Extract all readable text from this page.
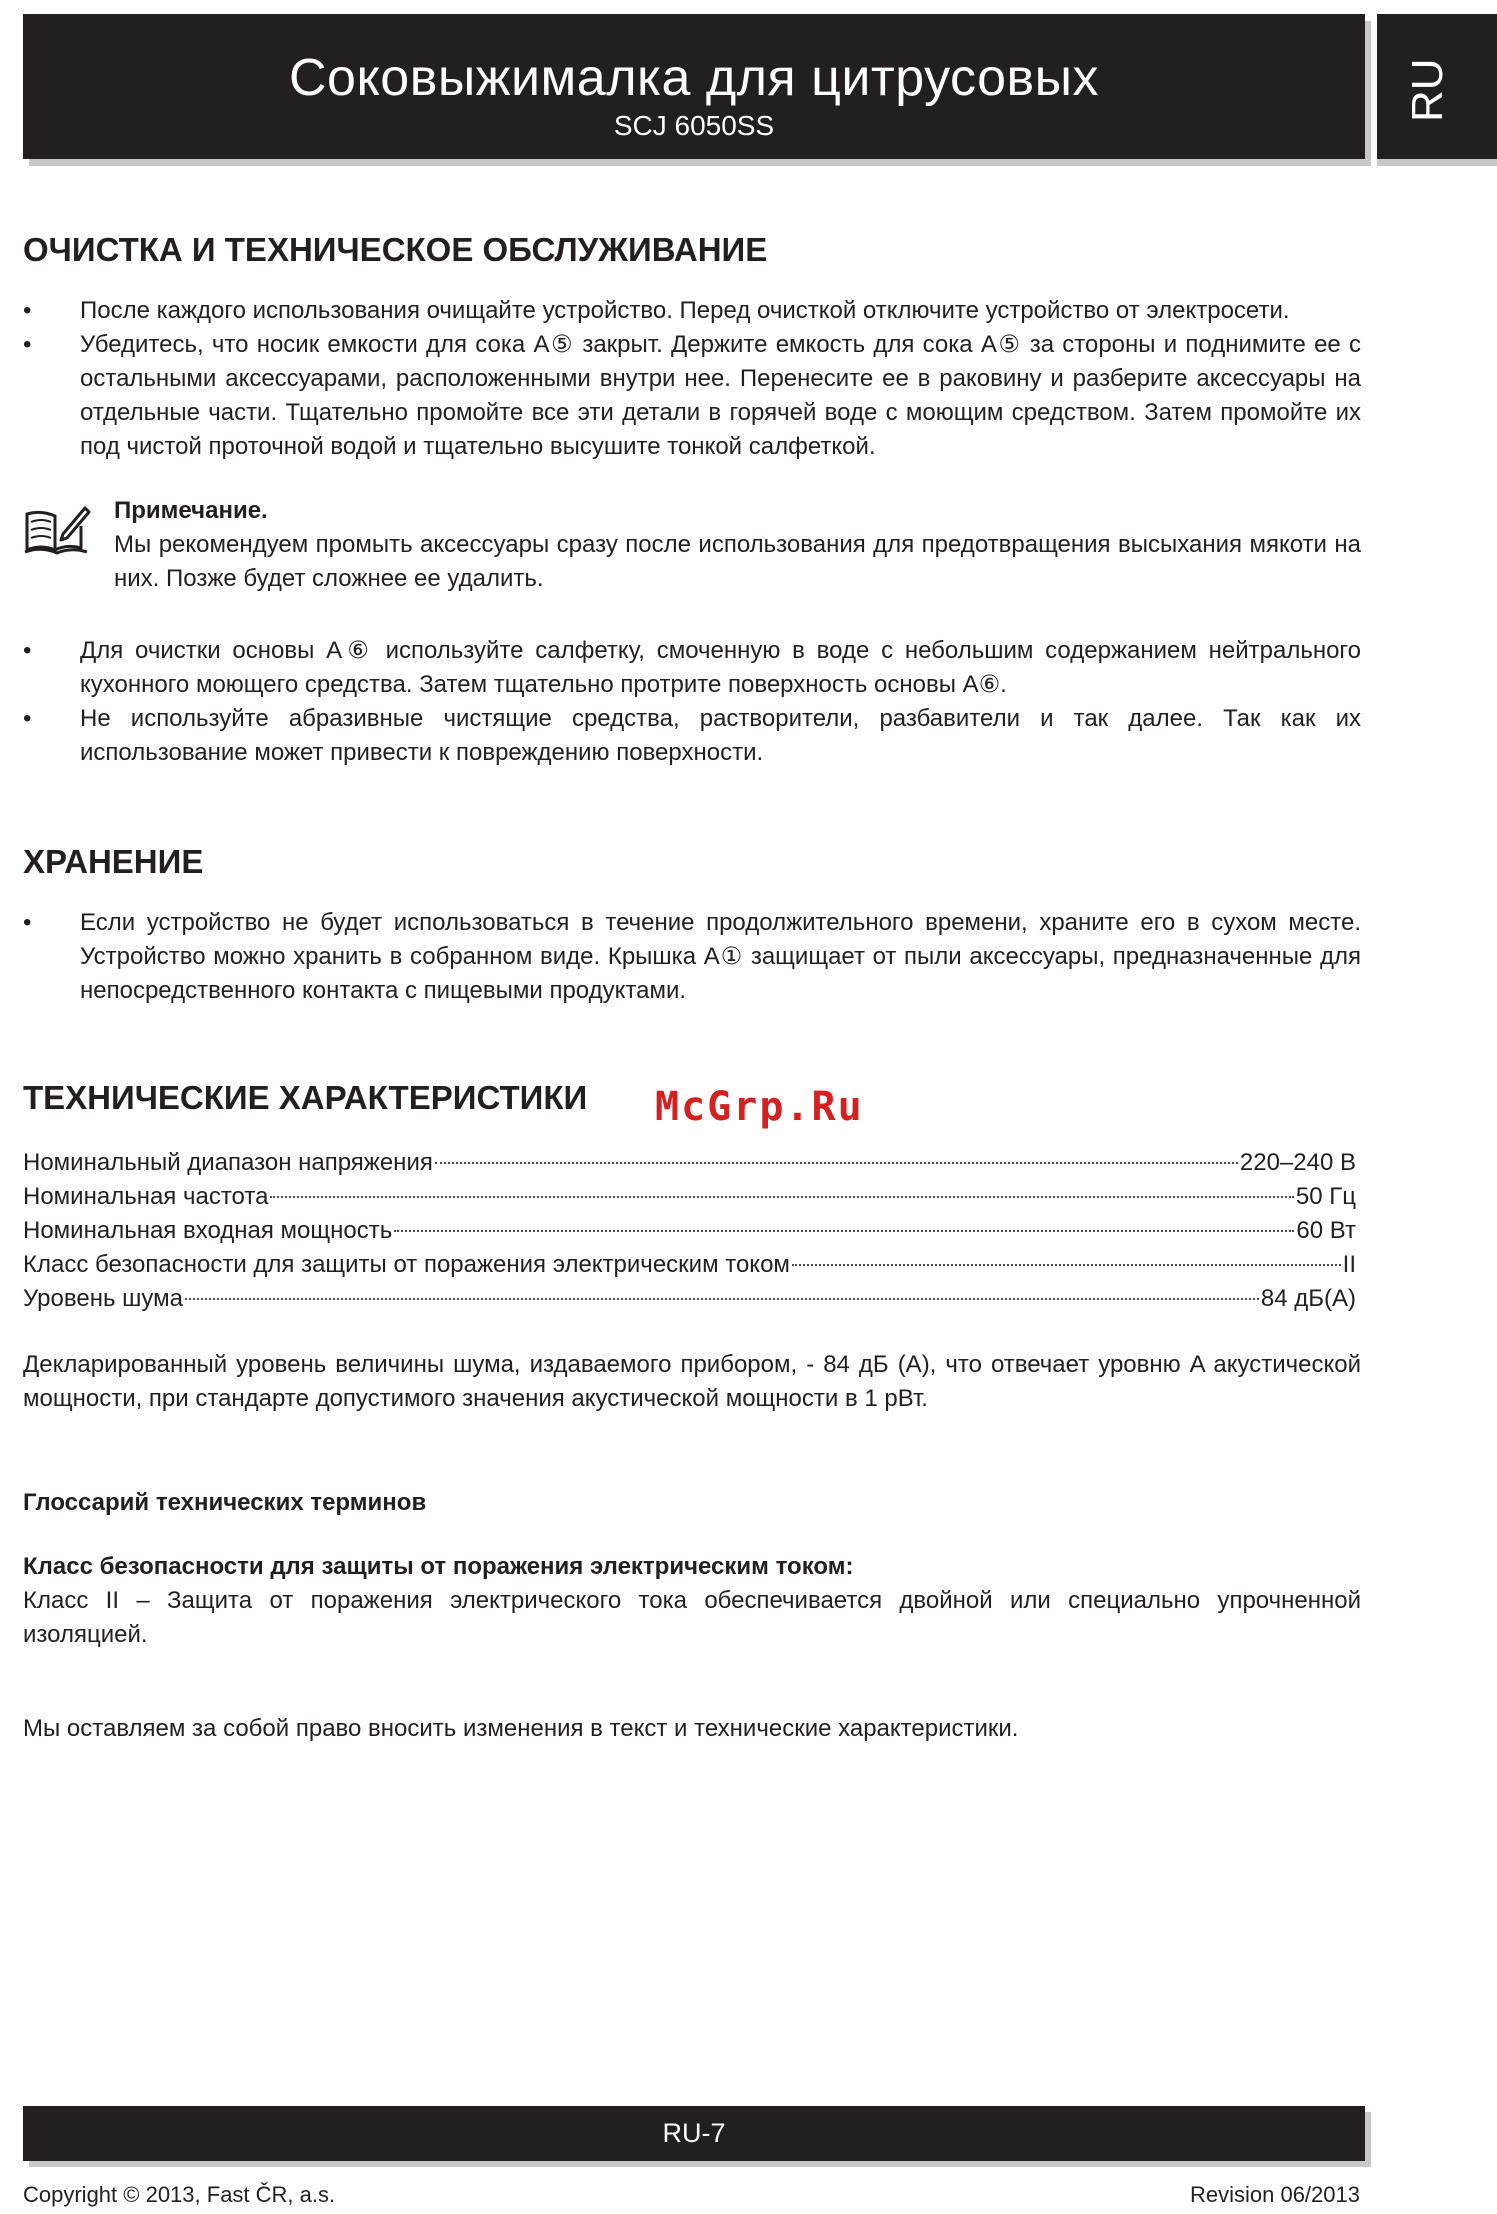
Соковыжималка для цитрусовых
SCJ 6050SS
RU
ОЧИСТКА И ТЕХНИЧЕСКОЕ ОБСЛУЖИВАНИЕ
• После каждого использования очищайте устройство. Перед очисткой отключите устройство от электросети.
• Убедитесь, что носик емкости для сока A⑤ закрыт. Держите емкость для сока A⑤ за стороны и поднимите ее с остальными аксессуарами, расположенными внутри нее. Перенесите ее в раковину и разберите аксессуары на отдельные части. Тщательно промойте все эти детали в горячей воде с моющим средством. Затем промойте их под чистой проточной водой и тщательно высушите тонкой салфеткой.
Примечание.
Мы рекомендуем промыть аксессуары сразу после использования для предотвращения высыхания мякоти на них. Позже будет сложнее ее удалить.
• Для очистки основы A⑥ используйте салфетку, смоченную в воде с небольшим содержанием нейтрального кухонного моющего средства. Затем тщательно протрите поверхность основы A⑥.
• Не используйте абразивные чистящие средства, растворители, разбавители и так далее. Так как их использование может привести к повреждению поверхности.
ХРАНЕНИЕ
• Если устройство не будет использоваться в течение продолжительного времени, храните его в сухом месте. Устройство можно хранить в собранном виде. Крышка A① защищает от пыли аксессуары, предназначенные для непосредственного контакта с пищевыми продуктами.
ТЕХНИЧЕСКИЕ ХАРАКТЕРИСТИКИ
Номинальный диапазон напряжения	220–240 В
Номинальная частота	50 Гц
Номинальная входная мощность	60 Вт
Класс безопасности для защиты от поражения электрическим током	II
Уровень шума	84 дБ(A)

Декларированный уровень величины шума, издаваемого прибором, - 84 дБ (A), что отвечает уровню A акустической мощности, при стандарте допустимого значения акустической мощности в 1 pВт.

Глоссарий технических терминов

Класс безопасности для защиты от поражения электрическим током:

Класс II – Защита от поражения электрического тока обеспечивается двойной или специально упрочненной изоляцией.

Мы оставляем за собой право вносить изменения в текст и технические характеристики.

McGrp.Ru
RU-7
Copyright © 2013, Fast ČR, a.s.	Revision 06/2013
